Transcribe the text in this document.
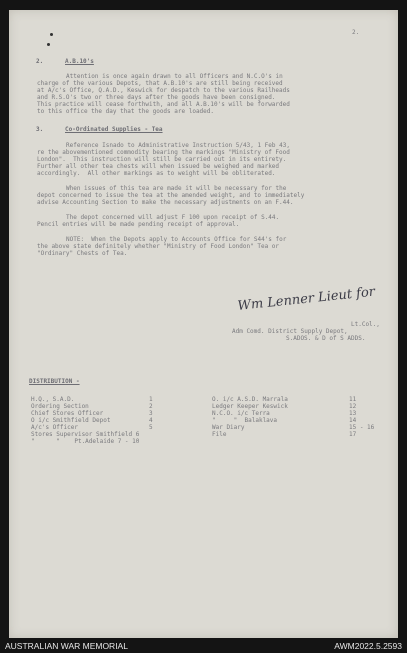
2.

2.	A.B.10's

Attention is once again drawn to all Officers and N.C.O's in

charge of the various Depots, that A.B.10's are still being received

at A/c's Office, Q.A.D., Keswick for despatch to the various Railheads

and R.S.O's two or three days after the goods have been consigned.

This practice will cease forthwith, and all A.B.10's will be forwarded

to this office the day that the goods are loaded.

3.	Co-Ordinated Supplies - Tea

Reference Isnado to Administrative Instruction 5/43, 1 Feb 43,

re the abovementioned commodity bearing the markings "Ministry of Food

London".  This instruction will still be carried out in its entirety.

Further all other tea chests will when issued be weighed and marked

accordingly.  All other markings as to weight will be obliterated.

When issues of this tea are made it will be necessary for the

depot concerned to issue the tea at the amended weight, and to immediately

advise Accounting Section to make the necessary adjustments on an F.44.

The depot concerned will adjust F 100 upon receipt of S.44.

Pencil entries will be made pending receipt of approval.

NOTE:  When the Depots apply to Accounts Office for S44's for

the above state definitely whether "Ministry of Food London" Tea or

"Ordinary" Chests of Tea.

Wm Lenner Lieut for

Lt.Col.,

Adm Comd. District Supply Depot,

S.ADOS. & D of S ADDS.

DISTRIBUTION -

H.Q., S.A.D.	1

Ordering Section	2

Chief Stores Officer	3

O i/c Smithfield Depot	4

A/c's Officer	5

Stores Supervisor Smithfield 6

"      "    Pt.Adelaide 7 - 10

O. i/c A.S.D. Marrala	11

Ledger Keeper Keswick	12

N.C.O. i/c Terra	13

"     "  Balaklava	14

War Diary	15 - 16

File	17

AUSTRALIAN WAR MEMORIAL	AWM2022.5.2593
